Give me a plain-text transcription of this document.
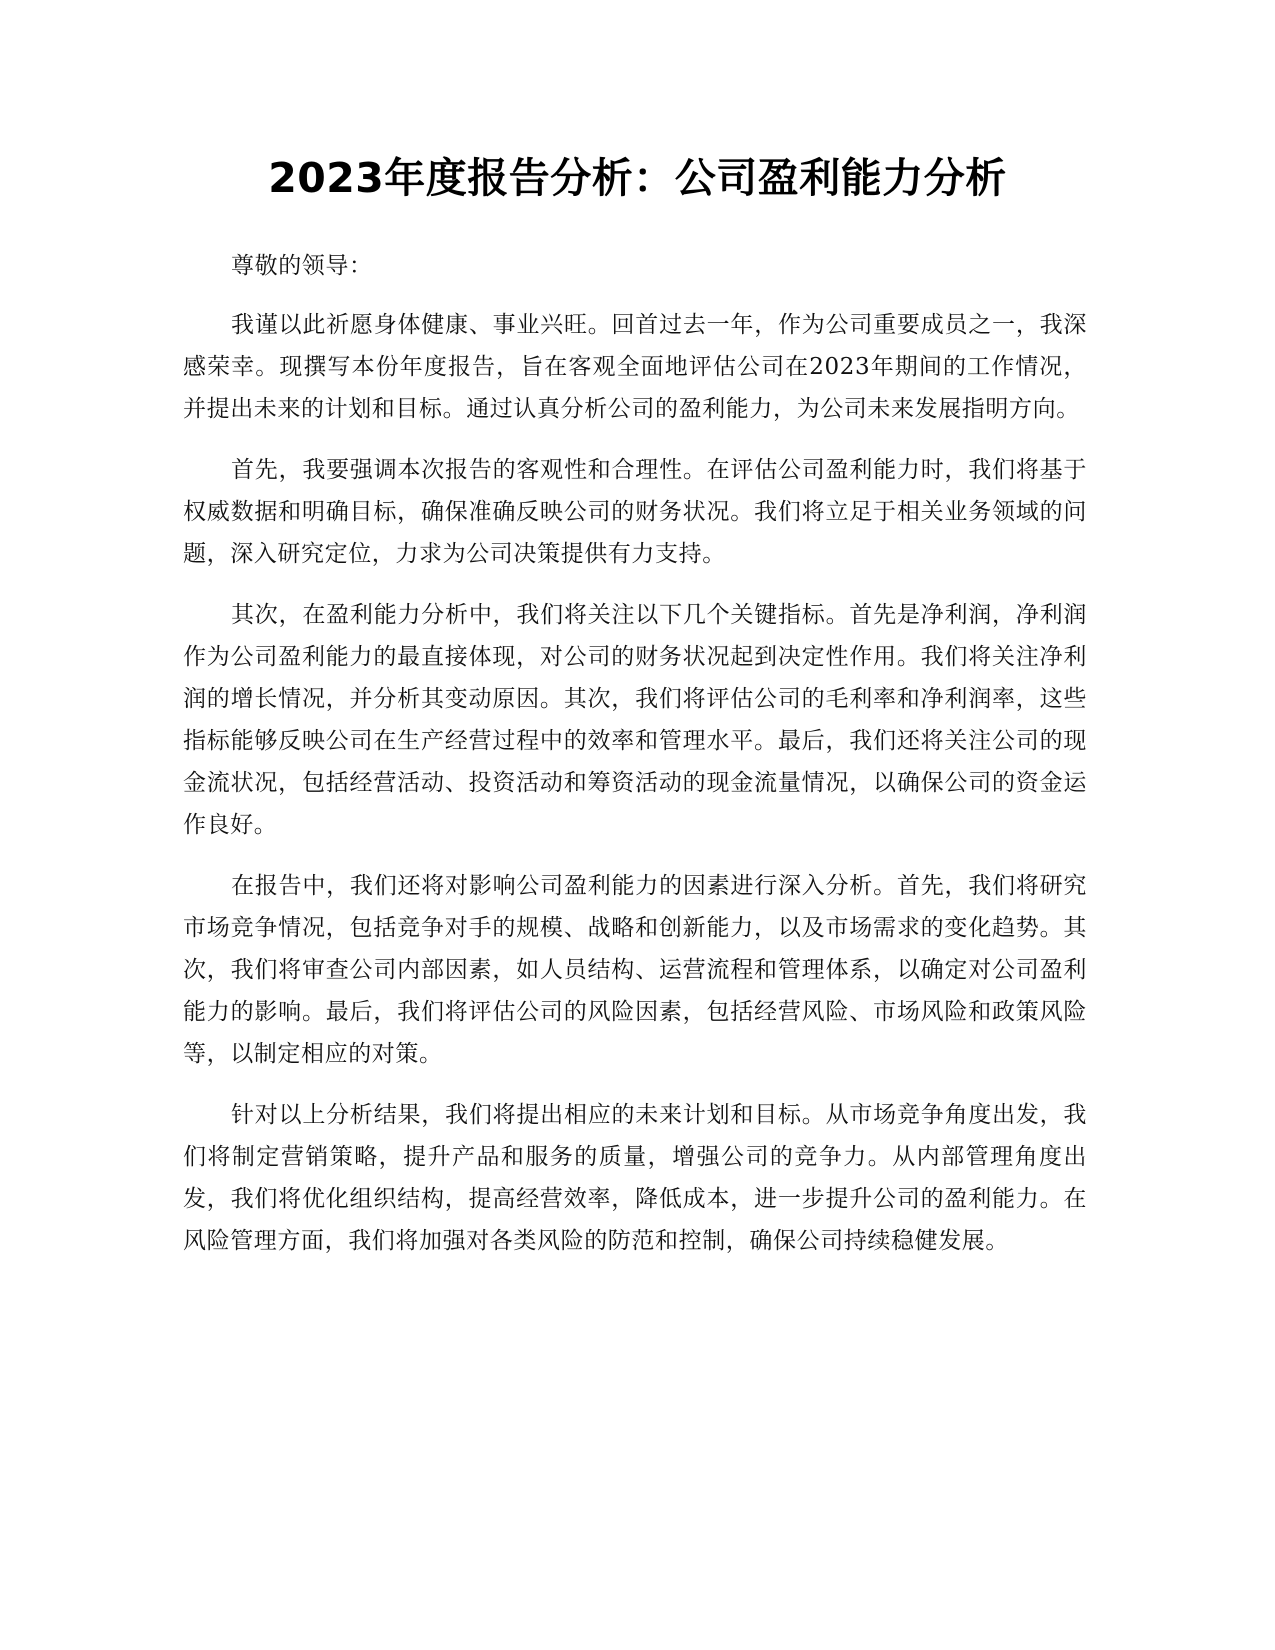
2023年度报告分析：公司盈利能力分析

尊敬的领导：

我谨以此祈愿身体健康、事业兴旺。回首过去一年，作为公司重要成员之一，我深感荣幸。现撰写本份年度报告，旨在客观全面地评估公司在2023年期间的工作情况，并提出未来的计划和目标。通过认真分析公司的盈利能力，为公司未来发展指明方向。

首先，我要强调本次报告的客观性和合理性。在评估公司盈利能力时，我们将基于权威数据和明确目标，确保准确反映公司的财务状况。我们将立足于相关业务领域的问题，深入研究定位，力求为公司决策提供有力支持。

其次，在盈利能力分析中，我们将关注以下几个关键指标。首先是净利润，净利润作为公司盈利能力的最直接体现，对公司的财务状况起到决定性作用。我们将关注净利润的增长情况，并分析其变动原因。其次，我们将评估公司的毛利率和净利润率，这些指标能够反映公司在生产经营过程中的效率和管理水平。最后，我们还将关注公司的现金流状况，包括经营活动、投资活动和筹资活动的现金流量情况，以确保公司的资金运作良好。

在报告中，我们还将对影响公司盈利能力的因素进行深入分析。首先，我们将研究市场竞争情况，包括竞争对手的规模、战略和创新能力，以及市场需求的变化趋势。其次，我们将审查公司内部因素，如人员结构、运营流程和管理体系，以确定对公司盈利能力的影响。最后，我们将评估公司的风险因素，包括经营风险、市场风险和政策风险等，以制定相应的对策。

针对以上分析结果，我们将提出相应的未来计划和目标。从市场竞争角度出发，我们将制定营销策略，提升产品和服务的质量，增强公司的竞争力。从内部管理角度出发，我们将优化组织结构，提高经营效率，降低成本，进一步提升公司的盈利能力。在风险管理方面，我们将加强对各类风险的防范和控制，确保公司持续稳健发展。
